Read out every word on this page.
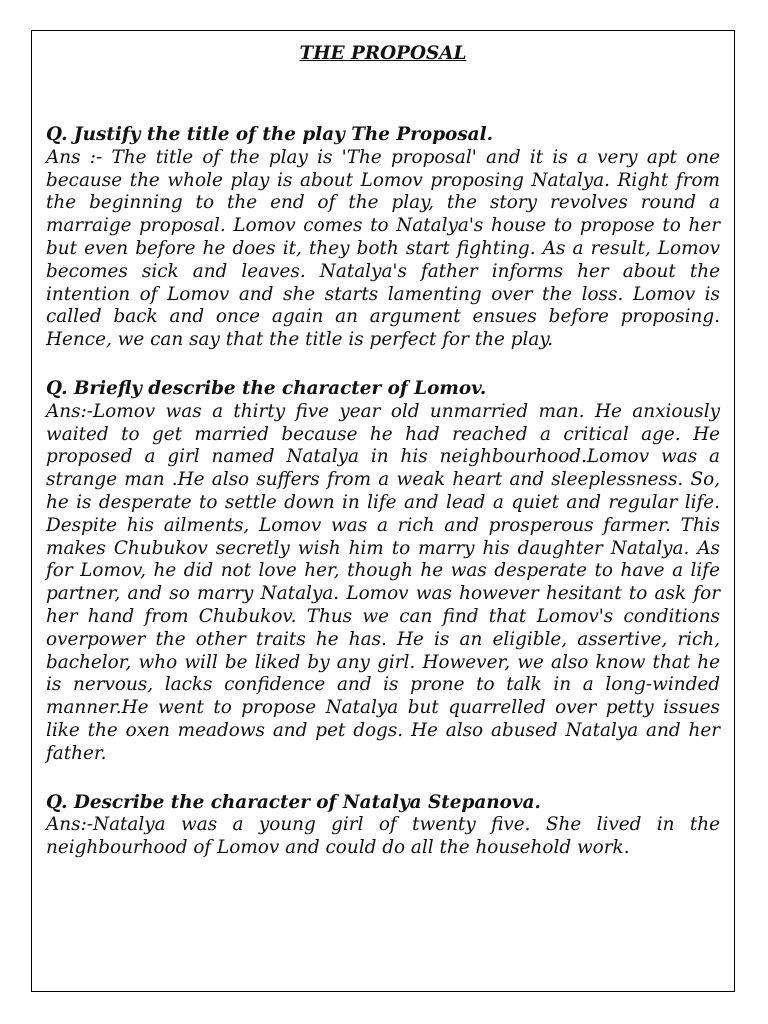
THE PROPOSAL

Q. Justify the title of the play The Proposal.

Ans :- The title of the play is 'The proposal' and it is a very apt one because the whole play is about Lomov proposing Natalya. Right from the beginning to the end of the play, the story revolves round a marraige proposal. Lomov comes to Natalya's house to propose to her but even before he does it, they both start fighting. As a result, Lomov becomes sick and leaves. Natalya's father informs her about the intention of Lomov and she starts lamenting over the loss. Lomov is called back and once again an argument ensues before proposing. Hence, we can say that the title is perfect for the play.

Q. Briefly describe the character of Lomov.

Ans:-Lomov was a thirty five year old unmarried man. He anxiously waited to get married because he had reached a critical age. He proposed a girl named Natalya in his neighbourhood.Lomov was a strange man .He also suffers from a weak heart and sleeplessness. So, he is desperate to settle down in life and lead a quiet and regular life. Despite his ailments, Lomov was a rich and prosperous farmer. This makes Chubukov secretly wish him to marry his daughter Natalya. As for Lomov, he did not love her, though he was desperate to have a life partner, and so marry Natalya. Lomov was however hesitant to ask for her hand from Chubukov. Thus we can find that Lomov's conditions overpower the other traits he has. He is an eligible, assertive, rich, bachelor, who will be liked by any girl. However, we also know that he is nervous, lacks confidence and is prone to talk in a long-winded manner.He went to propose Natalya but quarrelled over petty issues like the oxen meadows and pet dogs. He also abused Natalya and her father.

Q. Describe the character of Natalya Stepanova.

Ans:-Natalya was a young girl of twenty five. She lived in the neighbourhood of Lomov and could do all the household work.
